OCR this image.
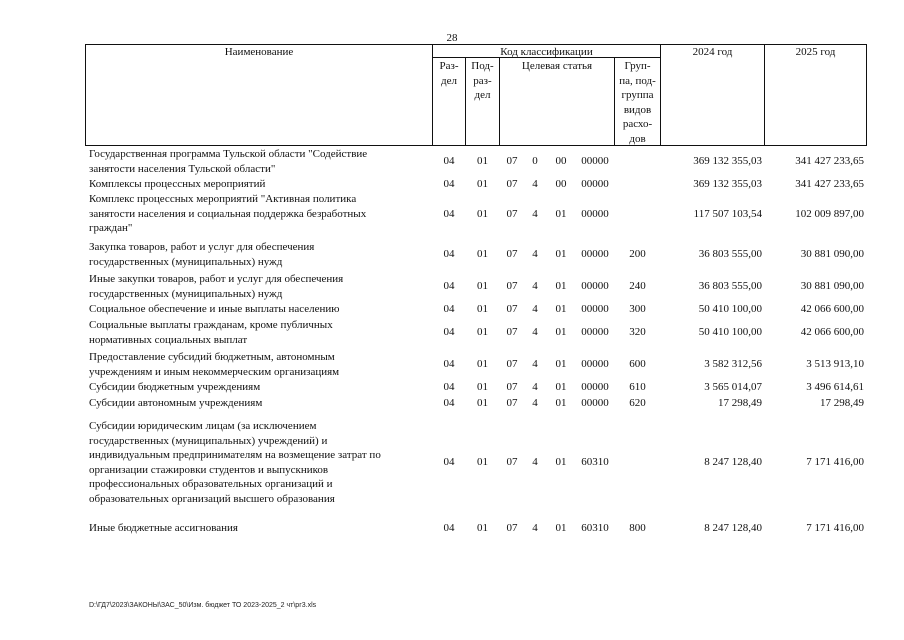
28
Наименование	Код классификации
Раз-
дел
Под-
раз-
дел
Целевая статья	Груп-
па, под-
группа
видов
расхо-
дов
2024 год	2025 год
Государственная программа Тульской области "Содействие
занятости населения Тульской области"
04	01	07	0	00	00000	369 132 355,03	341 427 233,65
Комплексы процессных мероприятий	04	01	07	4	00	00000	369 132 355,03	341 427 233,65
Комплекс процессных мероприятий "Активная политика
занятости населения и социальная поддержка безработных
граждан"
04	01	07	4	01	00000	117 507 103,54	102 009 897,00
Закупка товаров, работ и услуг для обеспечения
государственных (муниципальных) нужд
04	01	07	4	01	00000	200	36 803 555,00	30 881 090,00
Иные закупки товаров, работ и услуг для обеспечения
государственных (муниципальных) нужд
04	01	07	4	01	00000	240	36 803 555,00	30 881 090,00
Социальное обеспечение и иные выплаты населению	04	01	07	4	01	00000	300	50 410 100,00	42 066 600,00
Социальные выплаты гражданам, кроме публичных
нормативных социальных выплат
04	01	07	4	01	00000	320	50 410 100,00	42 066 600,00
Предоставление субсидий бюджетным, автономным
учреждениям и иным некоммерческим организациям
04	01	07	4	01	00000	600	3 582 312,56	3 513 913,10
Субсидии бюджетным учреждениям	04	01	07	4	01	00000	610	3 565 014,07	3 496 614,61
Субсидии автономным учреждениям	04	01	07	4	01	00000	620	17 298,49	17 298,49
Субсидии юридическим лицам (за исключением
государственных (муниципальных) учреждений) и
индивидуальным предпринимателям на возмещение затрат по
организации стажировки студентов и выпускников
профессиональных образовательных организаций и
образовательных организаций высшего образования
04	01	07	4	01	60310	8 247 128,40	7 171 416,00
Иные бюджетные ассигнования	04	01	07	4	01	60310	800	8 247 128,40	7 171 416,00
D:\ГД7\2023\ЗАКОНЫ\ЗАС_50\Изм. бюджет ТО 2023-2025_2 чт\рг3.xls
